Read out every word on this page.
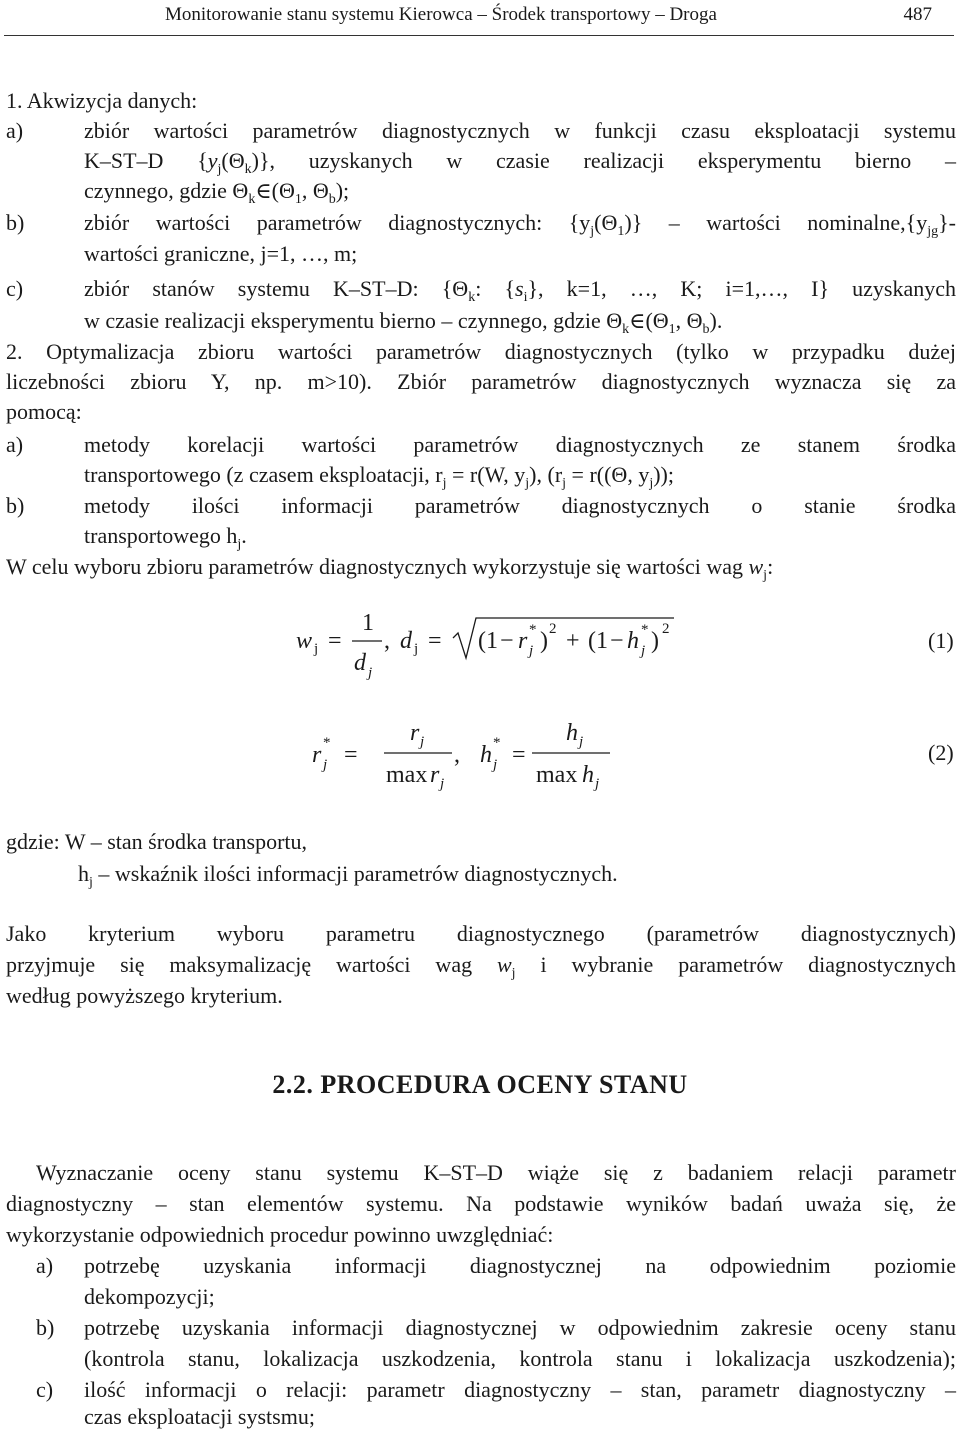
Monitorowanie stanu systemu Kierowca – Środek transportowy – Droga	487
1. Akwizycja danych:
a)	zbiór wartości parametrów diagnostycznych w funkcji czasu eksploatacji systemu
K–ST–D $\{y_j(\Theta_k)\}$, uzyskanych w czasie realizacji eksperymentu bierno –
czynnego, gdzie $\Theta_k\in(\Theta_1$, $\Theta_b$);
b)	zbiór wartości parametrów diagnostycznych: $\{y_j(\Theta_1)\}$ – wartości $nominalne,\{y_{jg}\}-$
wartości graniczne, j=1, …, m;
c)	zbiór stanów systemu K–ST–D: {$\Theta_k$: $\{s_i\}$, k=1, …, K; i=1,…, I} uzyskanych
w czasie realizacji eksperymentu bierno – czynnego, gdzie $\Theta_k\in(\Theta_1$, $\Theta_b$).
2. Optymalizacja zbioru wartości parametrów diagnostycznych (tylko w przypadku dużej
liczebności zbioru Y, np. m>10). Zbiór parametrów diagnostycznych wyznacza się za
pomocą:
a)	metody korelacji wartości parametrów diagnostycznych ze stanem środka
transportowego (z czasem eksploatacji, $r_j = r(W$, $y_j$), ($r_j = r((\Theta$, $y_j$));
b)	metody ilości informacji parametrów diagnostycznych o stanie środka
transportowego $h_j$.
W celu wyboru zbioru parametrów diagnostycznych wykorzystuje się wartości wag $w_j$:
w j =
1
d j
, d j = (1 − r *
j ) 2 + (1 − h *
j ) 2	(1)
r *
j =
r j
max r j
, h *
j =
h j
max h j
(2)
gdzie: W – stan środka transportu,
$h_j$ – wskaźnik ilości informacji parametrów diagnostycznych.
Jako kryterium wyboru parametru diagnostycznego (parametrów diagnostycznych)
przyjmuje się maksymalizację wartości wag $w_j$ i wybranie parametrów diagnostycznych
według powyższego kryterium.
2.2. PROCEDURA OCENY STANU
Wyznaczanie oceny stanu systemu K–ST–D wiąże się z badaniem relacji parametr
diagnostyczny – stan elementów systemu. Na podstawie wyników badań uważa się, że
wykorzystanie odpowiednich procedur powinno uwzględniać:
a) potrzebę uzyskania informacji diagnostycznej na odpowiednim poziomie
dekompozycji;
b) potrzebę uzyskania informacji diagnostycznej w odpowiednim zakresie oceny stanu
(kontrola stanu, lokalizacja uszkodzenia, kontrola stanu i lokalizacja uszkodzenia);
c) ilość informacji o relacji: parametr diagnostyczny – stan, parametr diagnostyczny –
czas eksploatacji systsmu;
